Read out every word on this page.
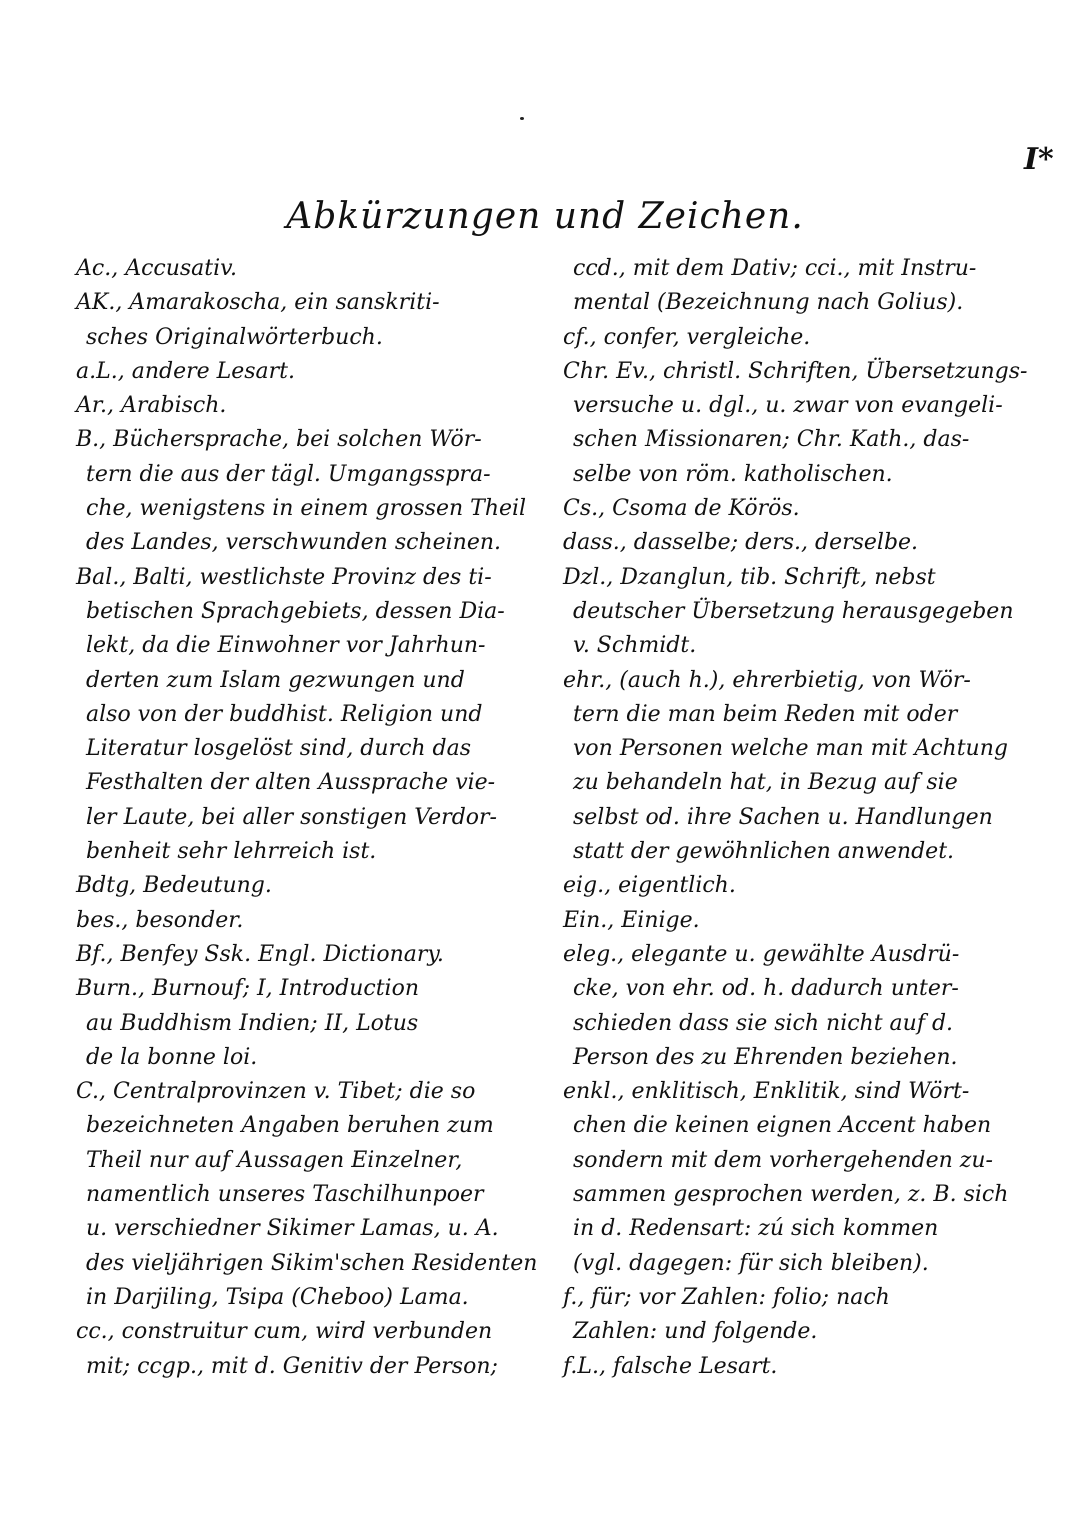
I*
Abkürzungen und Zeichen.
Ac., Accusativ.
AK., Amarakoscha, ein sanskriti-
sches Originalwörterbuch.
a.L., andere Lesart.
Ar., Arabisch.
B., Büchersprache, bei solchen Wör-
tern die aus der tägl. Umgangsspra-
che, wenigstens in einem grossen Theil
des Landes, verschwunden scheinen.
Bal., Balti, westlichste Provinz des ti-
betischen Sprachgebiets, dessen Dia-
lekt, da die Einwohner vor Jahrhun-
derten zum Islam gezwungen und
also von der buddhist. Religion und
Literatur losgelöst sind, durch das
Festhalten der alten Aussprache vie-
ler Laute, bei aller sonstigen Verdor-
benheit sehr lehrreich ist.
Bdtg, Bedeutung.
bes., besonder.
Bf., Benfey Ssk. Engl. Dictionary.
Burn., Burnouf; I, Introduction
au Buddhism Indien; II, Lotus
de la bonne loi.
C., Centralprovinzen v. Tibet; die so
bezeichneten Angaben beruhen zum
Theil nur auf Aussagen Einzelner,
namentlich unseres Taschilhunpoer
u. verschiedner Sikimer Lamas, u. A.
des vieljährigen Sikim'schen Residenten
in Darjiling, Tsipa (Cheboo) Lama.
cc., construitur cum, wird verbunden
mit; ccgp., mit d. Genitiv der Person;
ccd., mit dem Dativ; cci., mit Instru-
mental (Bezeichnung nach Golius).
cf., confer, vergleiche.
Chr. Ev., christl. Schriften, Übersetzungs-
versuche u. dgl., u. zwar von evangeli-
schen Missionaren; Chr. Kath., das-
selbe von röm. katholischen.
Cs., Csoma de Körös.
dass., dasselbe; ders., derselbe.
Dzl., Dzanglun, tib. Schrift, nebst
deutscher Übersetzung herausgegeben
v. Schmidt.
ehr., (auch h.), ehrerbietig, von Wör-
tern die man beim Reden mit oder
von Personen welche man mit Achtung
zu behandeln hat, in Bezug auf sie
selbst od. ihre Sachen u. Handlungen
statt der gewöhnlichen anwendet.
eig., eigentlich.
Ein., Einige.
eleg., elegante u. gewählte Ausdrü-
cke, von ehr. od. h. dadurch unter-
schieden dass sie sich nicht auf d.
Person des zu Ehrenden beziehen.
enkl., enklitisch, Enklitik, sind Wört-
chen die keinen eignen Accent haben
sondern mit dem vorhergehenden zu-
sammen gesprochen werden, z. B. sich
in d. Redensart: zú sich kommen
(vgl. dagegen: für sich bleiben).
f., für; vor Zahlen: folio; nach
Zahlen: und folgende.
f.L., falsche Lesart.
